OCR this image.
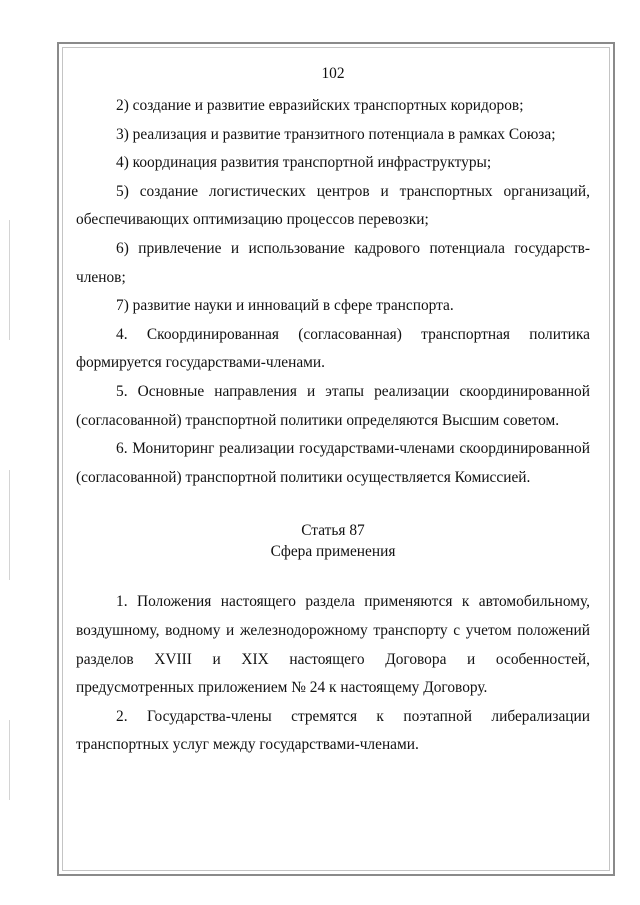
102

2) создание и развитие евразийских транспортных коридоров;

3) реализация и развитие транзитного потенциала в рамках Союза;

4) координация развития транспортной инфраструктуры;

5) создание логистических центров и транспортных организаций, обеспечивающих оптимизацию процессов перевозки;

6) привлечение и использование кадрового потенциала государств-членов;

7) развитие науки и инноваций в сфере транспорта.

4. Скоординированная (согласованная) транспортная политика формируется государствами-членами.

5. Основные направления и этапы реализации скоординированной (согласованной) транспортной политики определяются Высшим советом.

6. Мониторинг реализации государствами-членами скоординированной (согласованной) транспортной политики осуществляется Комиссией.

Статья 87

Сфера применения

1. Положения настоящего раздела применяются к автомобильному, воздушному, водному и железнодорожному транспорту с учетом положений разделов XVIII и XIX настоящего Договора и особенностей, предусмотренных приложением № 24 к настоящему Договору.

2. Государства-члены стремятся к поэтапной либерализации транспортных услуг между государствами-членами.
